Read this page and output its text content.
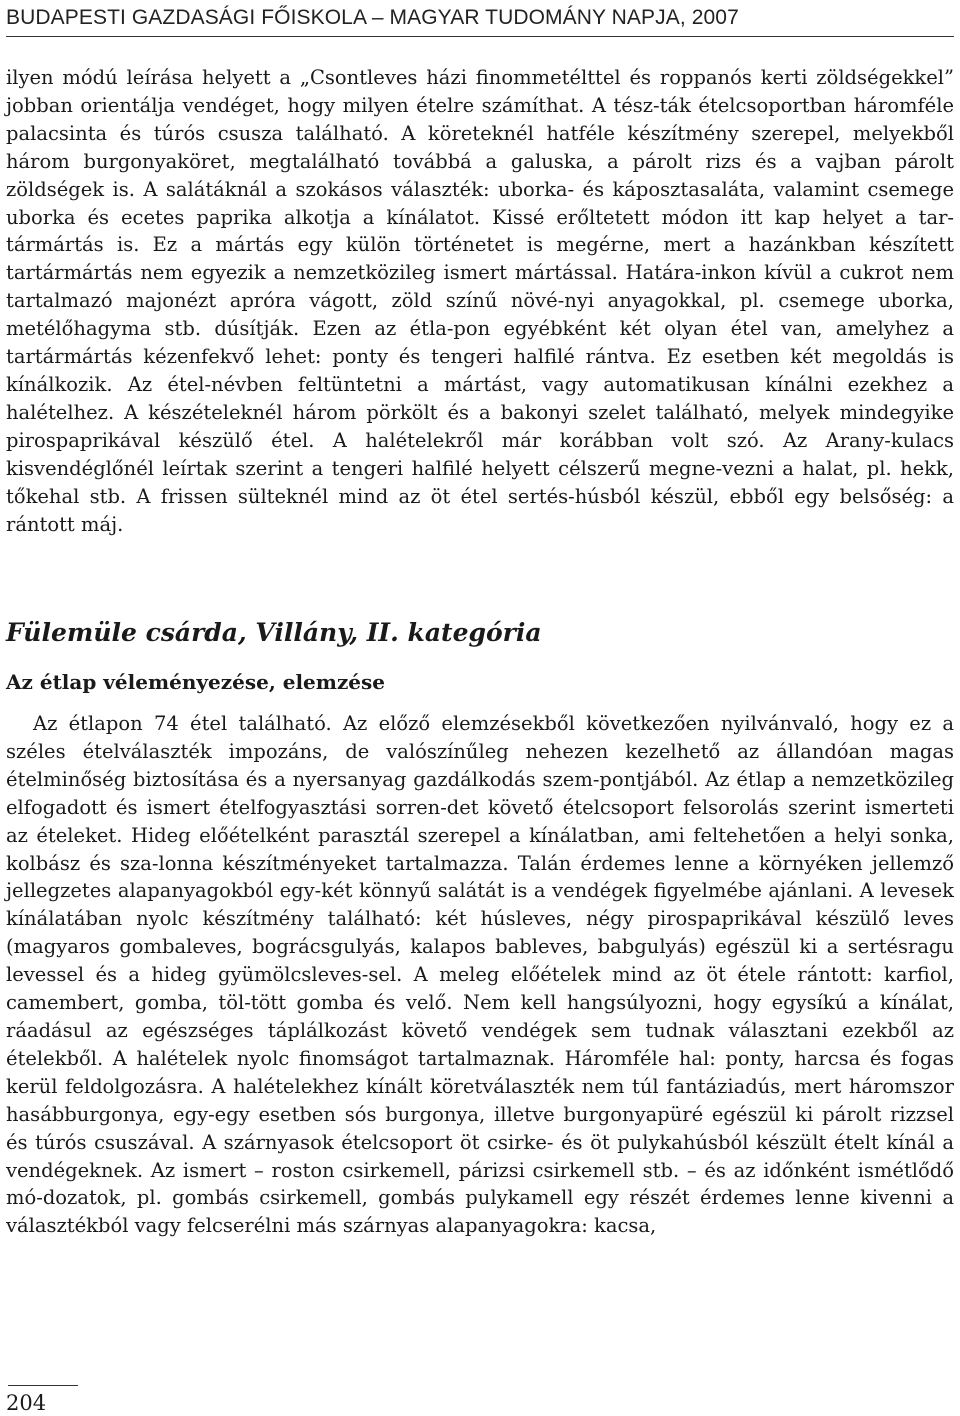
BUDAPESTI GAZDASÁGI FŐISKOLA – MAGYAR TUDOMÁNY NAPJA, 2007

ilyen módú leírása helyett a „Csontleves házi finommetélttel és roppanós kerti zöldségekkel” jobban orientálja vendéget, hogy milyen ételre számíthat. A tész-ták ételcsoportban háromféle palacsinta és túrós csusza található. A köreteknél hatféle készítmény szerepel, melyekből három burgonyaköret, megtalálható továbbá a galuska, a párolt rizs és a vajban párolt zöldségek is. A salátáknál a szokásos választék: uborka- és káposztasaláta, valamint csemege uborka és ecetes paprika alkotja a kínálatot. Kissé erőltetett módon itt kap helyet a tar-tármártás is. Ez a mártás egy külön történetet is megérne, mert a hazánkban készített tartármártás nem egyezik a nemzetközileg ismert mártással. Határa-inkon kívül a cukrot nem tartalmazó majonézt apróra vágott, zöld színű növé-nyi anyagokkal, pl. csemege uborka, metélőhagyma stb. dúsítják. Ezen az étla-pon egyébként két olyan étel van, amelyhez a tartármártás kézenfekvő lehet: ponty és tengeri halfilé rántva. Ez esetben két megoldás is kínálkozik. Az étel-névben feltüntetni a mártást, vagy automatikusan kínálni ezekhez a halételhez. A készételeknél három pörkölt és a bakonyi szelet található, melyek mindegyike pirospaprikával készülő étel. A halételekről már korábban volt szó. Az Arany-kulacs kisvendéglőnél leírtak szerint a tengeri halfilé helyett célszerű megne-vezni a halat, pl. hekk, tőkehal stb. A frissen sülteknél mind az öt étel sertés-húsból készül, ebből egy belsőség: a rántott máj.

Fülemüle csárda, Villány, II. kategória
Az étlap véleményezése, elemzése

Az étlapon 74 étel található. Az előző elemzésekből következően nyilvánvaló, hogy ez a széles ételválaszték impozáns, de valószínűleg nehezen kezelhető az állandóan magas ételminőség biztosítása és a nyersanyag gazdálkodás szem-pontjából. Az étlap a nemzetközileg elfogadott és ismert ételfogyasztási sorren-det követő ételcsoport felsorolás szerint ismerteti az ételeket. Hideg előételként parasztál szerepel a kínálatban, ami feltehetően a helyi sonka, kolbász és sza-lonna készítményeket tartalmazza. Talán érdemes lenne a környéken jellemző jellegzetes alapanyagokból egy-két könnyű salátát is a vendégek figyelmébe ajánlani. A levesek kínálatában nyolc készítmény található: két húsleves, négy pirospaprikával készülő leves (magyaros gombaleves, bográcsgulyás, kalapos bableves, babgulyás) egészül ki a sertésragu levessel és a hideg gyümölcsleves-sel. A meleg előételek mind az öt étele rántott: karfiol, camembert, gomba, töl-tött gomba és velő. Nem kell hangsúlyozni, hogy egysíkú a kínálat, ráadásul az egészséges táplálkozást követő vendégek sem tudnak választani ezekből az ételekből. A halételek nyolc finomságot tartalmaznak. Háromféle hal: ponty, harcsa és fogas kerül feldolgozásra. A halételekhez kínált köretválaszték nem túl fantáziadús, mert háromszor hasábburgonya, egy-egy esetben sós burgonya, illetve burgonyapüré egészül ki párolt rizzsel és túrós csuszával. A szárnyasok ételcsoport öt csirke- és öt pulykahúsból készült ételt kínál a vendégeknek. Az ismert – roston csirkemell, párizsi csirkemell stb. – és az időnként ismétlődő mó-dozatok, pl. gombás csirkemell, gombás pulykamell egy részét érdemes lenne kivenni a választékból vagy felcserélni más szárnyas alapanyagokra: kacsa,

204
